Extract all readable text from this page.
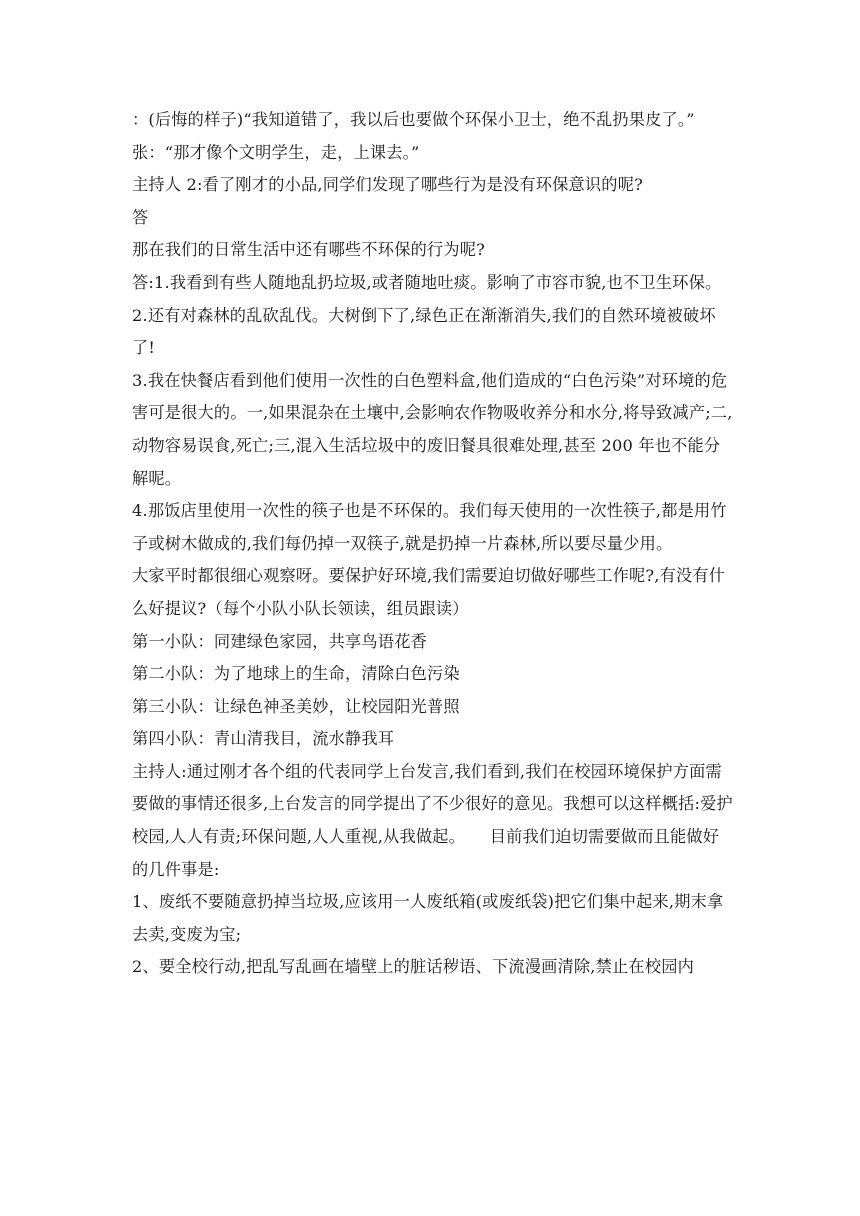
：(后悔的样子)“我知道错了，我以后也要做个环保小卫士，绝不乱扔果皮了。”

张：“那才像个文明学生，走，上课去。”

主持人 2:看了刚才的小品,同学们发现了哪些行为是没有环保意识的呢?

答

那在我们的日常生活中还有哪些不环保的行为呢?

答:1.我看到有些人随地乱扔垃圾,或者随地吐痰。影响了市容市貌,也不卫生环保。

2.还有对森林的乱砍乱伐。大树倒下了,绿色正在渐渐消失,我们的自然环境被破坏了!

3.我在快餐店看到他们使用一次性的白色塑料盒,他们造成的“白色污染”对环境的危害可是很大的。一,如果混杂在土壤中,会影响农作物吸收养分和水分,将导致减产;二,动物容易误食,死亡;三,混入生活垃圾中的废旧餐具很难处理,甚至 200 年也不能分解呢。

4.那饭店里使用一次性的筷子也是不环保的。我们每天使用的一次性筷子,都是用竹子或树木做成的,我们每仍掉一双筷子,就是扔掉一片森林,所以要尽量少用。

大家平时都很细心观察呀。要保护好环境,我们需要迫切做好哪些工作呢?,有没有什么好提议?（每个小队小队长领读，组员跟读）

第一小队：同建绿色家园，共享鸟语花香

第二小队：为了地球上的生命，清除白色污染

第三小队：让绿色神圣美妙，让校园阳光普照

第四小队：青山清我目，流水静我耳

主持人:通过刚才各个组的代表同学上台发言,我们看到,我们在校园环境保护方面需要做的事情还很多,上台发言的同学提出了不少很好的意见。我想可以这样概括:爱护校园,人人有责;环保问题,人人重视,从我做起。　　目前我们迫切需要做而且能做好的几件事是:

1、废纸不要随意扔掉当垃圾,应该用一人废纸箱(或废纸袋)把它们集中起来,期末拿去卖,变废为宝;

2、要全校行动,把乱写乱画在墙壁上的脏话秽语、下流漫画清除,禁止在校园内
